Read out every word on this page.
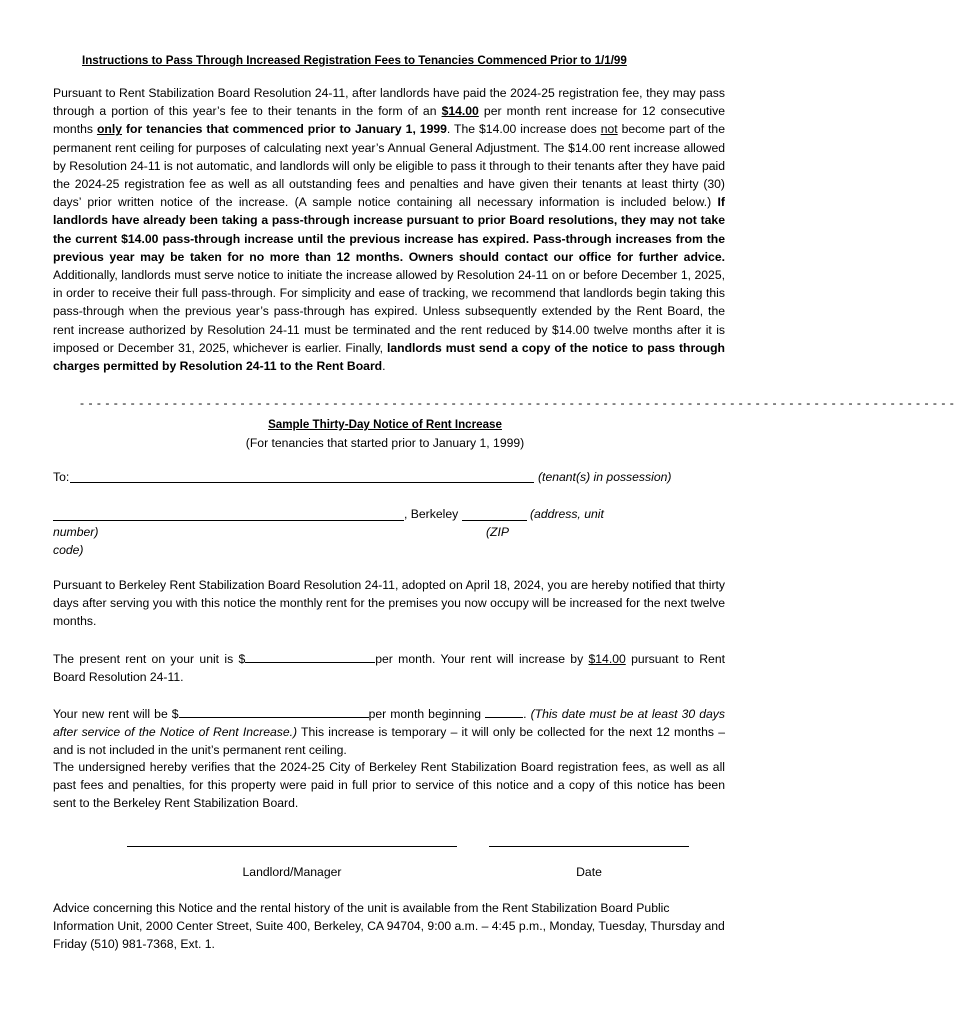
Instructions to Pass Through Increased Registration Fees to Tenancies Commenced Prior to 1/1/99
Pursuant to Rent Stabilization Board Resolution 24-11, after landlords have paid the 2024-25 registration fee, they may pass through a portion of this year’s fee to their tenants in the form of an $14.00 per month rent increase for 12 consecutive months only for tenancies that commenced prior to January 1, 1999. The $14.00 increase does not become part of the permanent rent ceiling for purposes of calculating next year’s Annual General Adjustment. The $14.00 rent increase allowed by Resolution 24-11 is not automatic, and landlords will only be eligible to pass it through to their tenants after they have paid the 2024-25 registration fee as well as all outstanding fees and penalties and have given their tenants at least thirty (30) days’ prior written notice of the increase. (A sample notice containing all necessary information is included below.) If landlords have already been taking a pass-through increase pursuant to prior Board resolutions, they may not take the current $14.00 pass-through increase until the previous increase has expired. Pass-through increases from the previous year may be taken for no more than 12 months. Owners should contact our office for further advice. Additionally, landlords must serve notice to initiate the increase allowed by Resolution 24-11 on or before December 1, 2025, in order to receive their full pass-through. For simplicity and ease of tracking, we recommend that landlords begin taking this pass-through when the previous year’s pass-through has expired. Unless subsequently extended by the Rent Board, the rent increase authorized by Resolution 24-11 must be terminated and the rent reduced by $14.00 twelve months after it is imposed or December 31, 2025, whichever is earlier. Finally, landlords must send a copy of the notice to pass through charges permitted by Resolution 24-11 to the Rent Board.
- - - - - - - - - - - - - - - - - - - - - - - - - - - - - - - - - - - - - - - - - - - - - - - - - - - - - - - - - - - - - - - - - - - - - - - - - - - - - - - - - - - - - - - - - - - - - - - - - - - - - - - -
Sample Thirty-Day Notice of Rent Increase
(For tenancies that started prior to January 1, 1999)
To:	(tenant(s) in possession)
, Berkeley	(address, unit
number)	(ZIP
code)
Pursuant to Berkeley Rent Stabilization Board Resolution 24-11, adopted on April 18, 2024, you are hereby notified that thirty days after serving you with this notice the monthly rent for the premises you now occupy will be increased for the next twelve months.
The present rent on your unit is $	per month. Your rent will increase by $14.00 pursuant to Rent Board Resolution 24-11.
Your new rent will be $	per month beginning	. (This date must be at least 30 days after service of the Notice of Rent Increase.) This increase is temporary – it will only be collected for the next 12 months – and is not included in the unit’s permanent rent ceiling.
The undersigned hereby verifies that the 2024-25 City of Berkeley Rent Stabilization Board registration fees, as well as all past fees and penalties, for this property were paid in full prior to service of this notice and a copy of this notice has been sent to the Berkeley Rent Stabilization Board.
Landlord/Manager	Date
Advice concerning this Notice and the rental history of the unit is available from the Rent Stabilization Board Public Information Unit, 2000 Center Street, Suite 400, Berkeley, CA 94704, 9:00 a.m. – 4:45 p.m., Monday, Tuesday, Thursday and Friday (510) 981-7368, Ext. 1.
